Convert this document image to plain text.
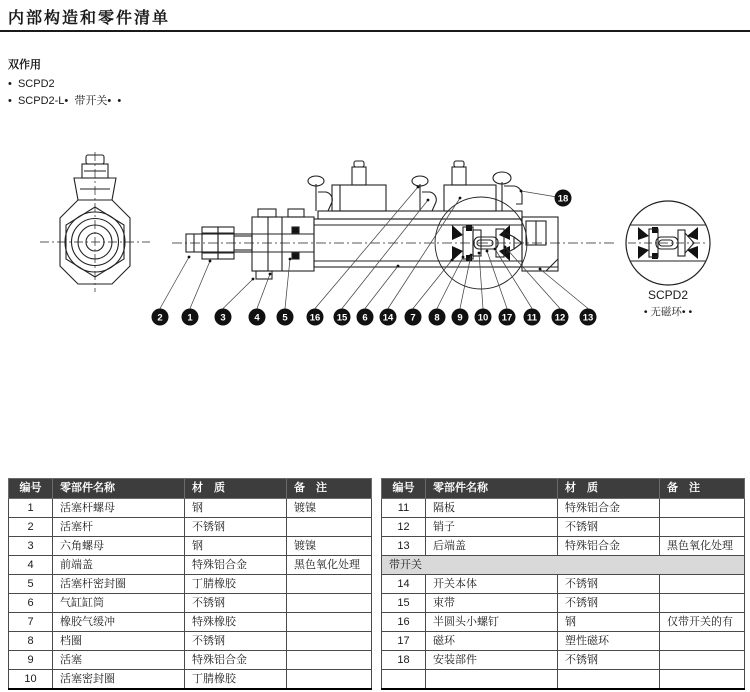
内部构造和零件清单
双作用
•  SCPD2
•  SCPD2-L•  带开关•  •
SCPD2
• 无磁环• •
2	1	3	4 5 16 15 6 14 7 8 9 10 17 11 12 13
18
编号	零部件名称	材　质	备　注
1	活塞杆螺母	钢	镀镍
2	活塞杆	不锈钢	
3	六角螺母	钢	镀镍
4	前端盖	特殊铝合金	黑色氧化处理
5	活塞杆密封圈	丁腈橡胶	
6	气缸缸筒	不锈钢	
7	橡胶气缓冲	特殊橡胶	
8	档圈	不锈钢	
9	活塞	特殊铝合金	
10	活塞密封圈	丁腈橡胶	
编号	零部件名称	材　质	备　注
11	隔板	特殊铝合金	
12	销子	不锈钢	
13	后端盖	特殊铝合金	黑色氧化处理
带开关			
14	开关本体	不锈钢	
15	束带	不锈钢	
16	半圆头小螺钉	钢	仅带开关的有
17	磁环	塑性磁环	
18	安装部件	不锈钢	
